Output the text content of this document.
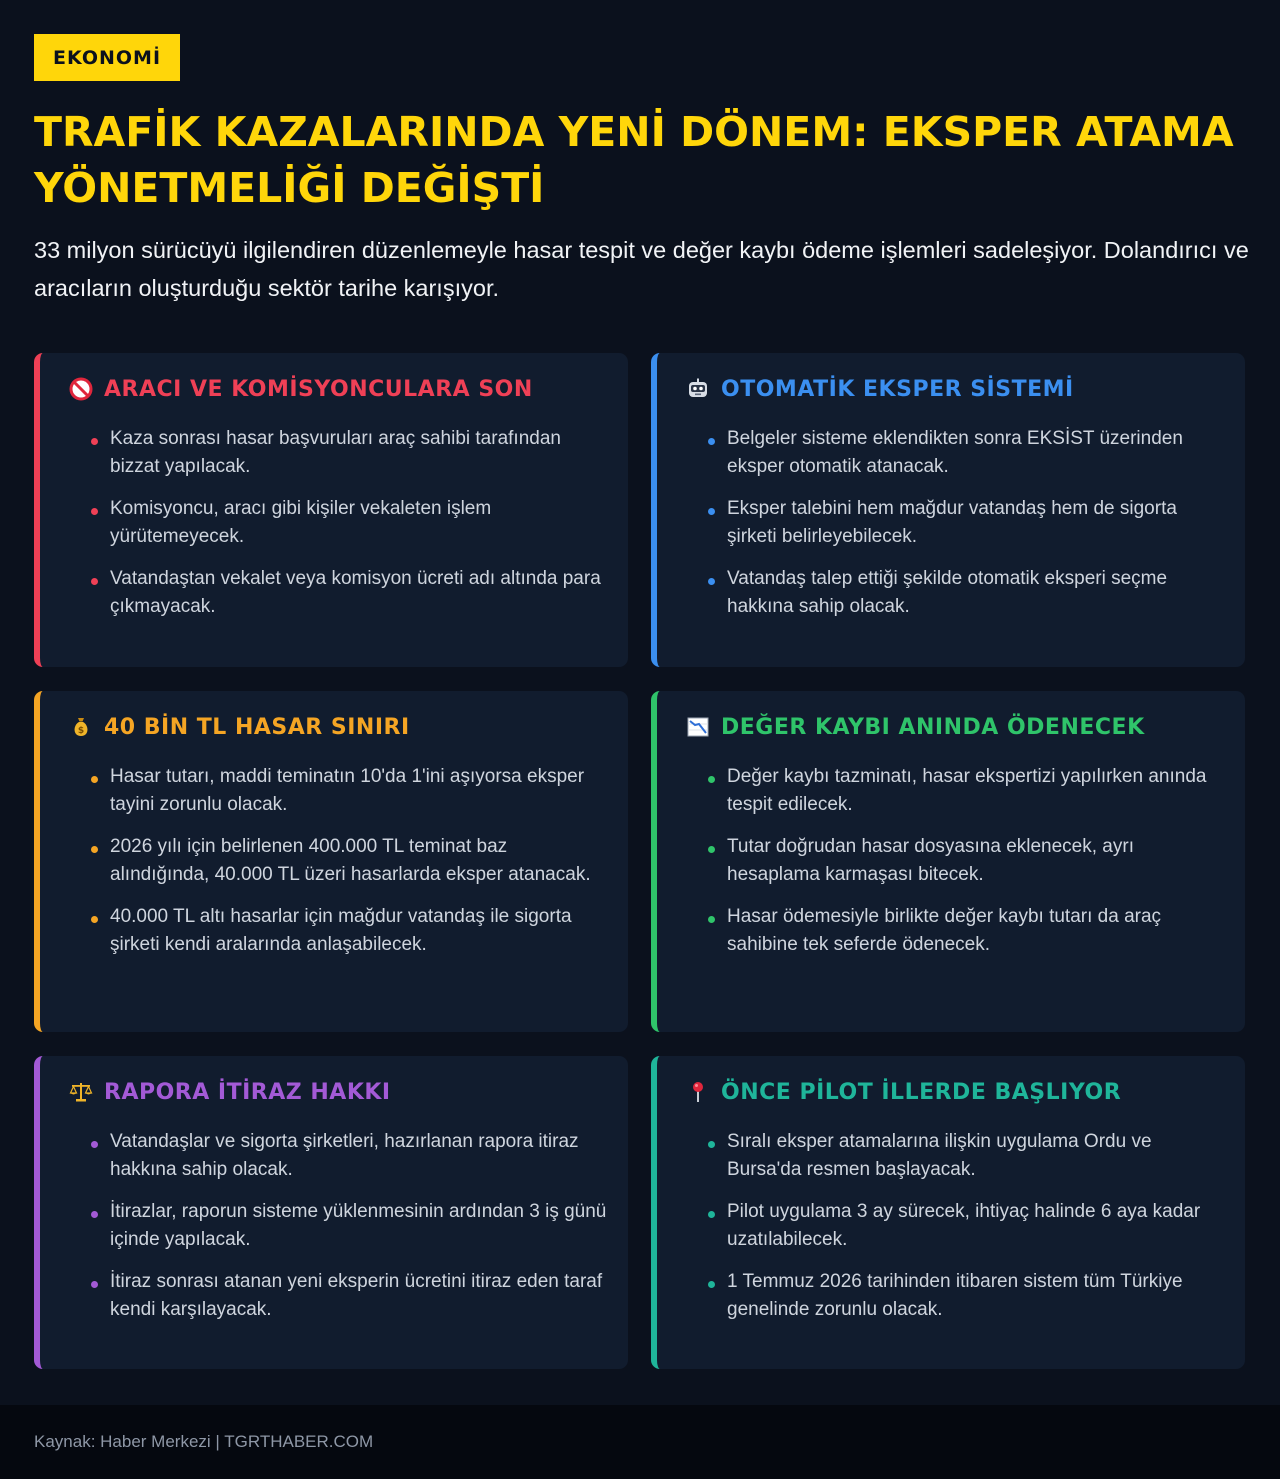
EKONOMİ
TRAFİK KAZALARINDA YENİ DÖNEM: EKSPER ATAMA YÖNETMELİĞİ DEĞİŞTİ

33 milyon sürücüyü ilgilendiren düzenlemeyle hasar tespit ve değer kaybı ödeme işlemleri sadeleşiyor. Dolandırıcı ve aracıların oluşturduğu sektör tarihe karışıyor.

ARACI VE KOMİSYONCULARA SON
Kaza sonrası hasar başvuruları araç sahibi tarafından bizzat yapılacak.
Komisyoncu, aracı gibi kişiler vekaleten işlem yürütemeyecek.
Vatandaştan vekalet veya komisyon ücreti adı altında para çıkmayacak.
OTOMATİK EKSPER SİSTEMİ
Belgeler sisteme eklendikten sonra EKSİST üzerinden eksper otomatik atanacak.
Eksper talebini hem mağdur vatandaş hem de sigorta şirketi belirleyebilecek.
Vatandaş talep ettiği şekilde otomatik eksperi seçme hakkına sahip olacak.
$ 40 BİN TL HASAR SINIRI
Hasar tutarı, maddi teminatın 10'da 1'ini aşıyorsa eksper tayini zorunlu olacak.
2026 yılı için belirlenen 400.000 TL teminat baz alındığında, 40.000 TL üzeri hasarlarda eksper atanacak.
40.000 TL altı hasarlar için mağdur vatandaş ile sigorta şirketi kendi aralarında anlaşabilecek.
DEĞER KAYBI ANINDA ÖDENECEK
Değer kaybı tazminatı, hasar ekspertizi yapılırken anında tespit edilecek.
Tutar doğrudan hasar dosyasına eklenecek, ayrı hesaplama karmaşası bitecek.
Hasar ödemesiyle birlikte değer kaybı tutarı da araç sahibine tek seferde ödenecek.
RAPORA İTİRAZ HAKKI
Vatandaşlar ve sigorta şirketleri, hazırlanan rapora itiraz hakkına sahip olacak.
İtirazlar, raporun sisteme yüklenmesinin ardından 3 iş günü içinde yapılacak.
İtiraz sonrası atanan yeni eksperin ücretini itiraz eden taraf kendi karşılayacak.
ÖNCE PİLOT İLLERDE BAŞLIYOR
Sıralı eksper atamalarına ilişkin uygulama Ordu ve Bursa'da resmen başlayacak.
Pilot uygulama 3 ay sürecek, ihtiyaç halinde 6 aya kadar uzatılabilecek.
1 Temmuz 2026 tarihinden itibaren sistem tüm Türkiye genelinde zorunlu olacak.
Kaynak: Haber Merkezi | TGRTHABER.COM
